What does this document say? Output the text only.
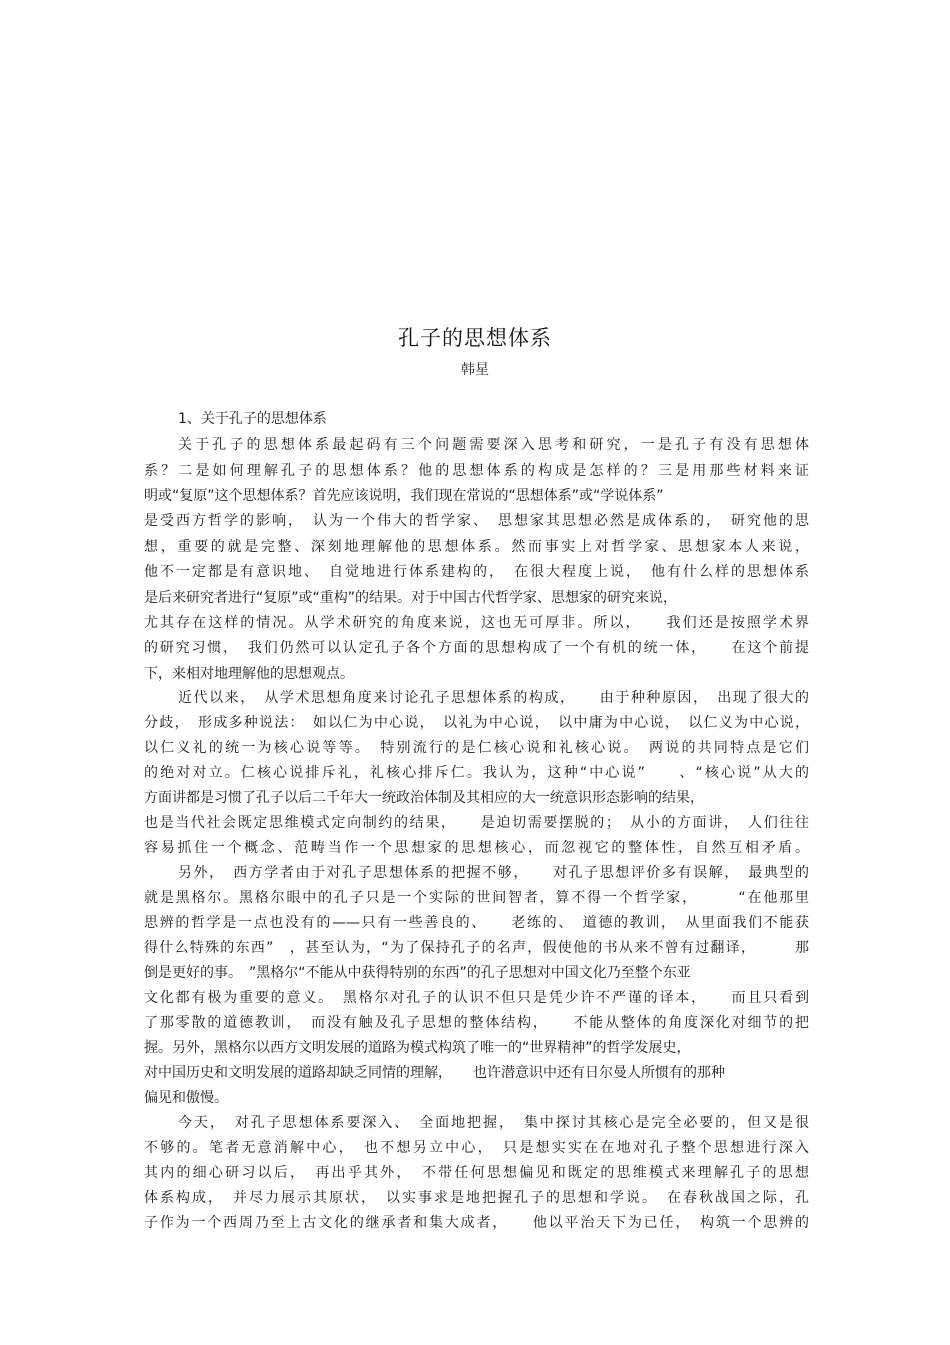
孔子的思想体系
韩星
1、关于孔子的思想体系
关于孔子的思想体系最起码有三个问题需要深入思考和研究，一是孔子有没有思想体
系？二是如何理解孔子的思想体系？他的思想体系的构成是怎样的？三是用那些材料来证
明或“复原”这个思想体系？首先应该说明，我们现在常说的“思想体系”或“学说体系”
是受西方哲学的影响，　认为一个伟大的哲学家、　思想家其思想必然是成体系的，　研究他的思
想，重要的就是完整、深刻地理解他的思想体系。然而事实上对哲学家、思想家本人来说，
他不一定都是有意识地、　自觉地进行体系建构的，　在很大程度上说，　他有什么样的思想体系
是后来研究者进行“复原”或“重构”的结果。对于中国古代哲学家、思想家的研究来说，
尤其存在这样的情况。从学术研究的角度来说，这也无可厚非。所以，　　我们还是按照学术界
的研究习惯，　我们仍然可以认定孔子各个方面的思想构成了一个有机的统一体，　　在这个前提
下，来相对地理解他的思想观点。
近代以来，　从学术思想角度来讨论孔子思想体系的构成，　　由于种种原因，　出现了很大的
分歧，　形成多种说法：　如以仁为中心说，　以礼为中心说，　以中庸为中心说，　以仁义为中心说，
以仁义礼的统一为核心说等等。　特别流行的是仁核心说和礼核心说。　两说的共同特点是它们
的绝对对立。仁核心说排斥礼，礼核心排斥仁。我认为，这种“中心说”　　、“核心说”从大的
方面讲都是习惯了孔子以后二千年大一统政治体制及其相应的大一统意识形态影响的结果，
也是当代社会既定思维模式定向制约的结果，　　是迫切需要摆脱的；　从小的方面讲，　人们往往
容易抓住一个概念、范畴当作一个思想家的思想核心，而忽视它的整体性，自然互相矛盾。
另外，　西方学者由于对孔子思想体系的把握不够，　　对孔子思想评价多有误解，　最典型的
就是黑格尔。黑格尔眼中的孔子只是一个实际的世间智者，算不得一个哲学家，　　　“在他那里
思辨的哲学是一点也没有的——只有一些善良的、　　老练的、　道德的教训，　从里面我们不能获
得什么特殊的东西”　，甚至认为，“为了保持孔子的名声，假使他的书从来不曾有过翻译，　　　那
倒是更好的事。　”黑格尔“不能从中获得特别的东西”的孔子思想对中国文化乃至整个东亚
文化都有极为重要的意义。　黑格尔对孔子的认识不但只是凭少许不严谨的译本，　　而且只看到
了那零散的道德教训，　而没有触及孔子思想的整体结构，　　不能从整体的角度深化对细节的把
握。另外，黑格尔以西方文明发展的道路为模式构筑了唯一的“世界精神”的哲学发展史，
对中国历史和文明发展的道路却缺乏同情的理解，　　也许潜意识中还有日尔曼人所惯有的那种
偏见和傲慢。
今天，　对孔子思想体系要深入、　全面地把握，　集中探讨其核心是完全必要的，但又是很
不够的。笔者无意消解中心，　也不想另立中心，　只是想实实在在地对孔子整个思想进行深入
其内的细心研习以后，　再出乎其外，　不带任何思想偏见和既定的思维模式来理解孔子的思想
体系构成，　并尽力展示其原状，　以实事求是地把握孔子的思想和学说。　在春秋战国之际，孔
子作为一个西周乃至上古文化的继承者和集大成者，　　他以平治天下为已任，　构筑一个思辨的
